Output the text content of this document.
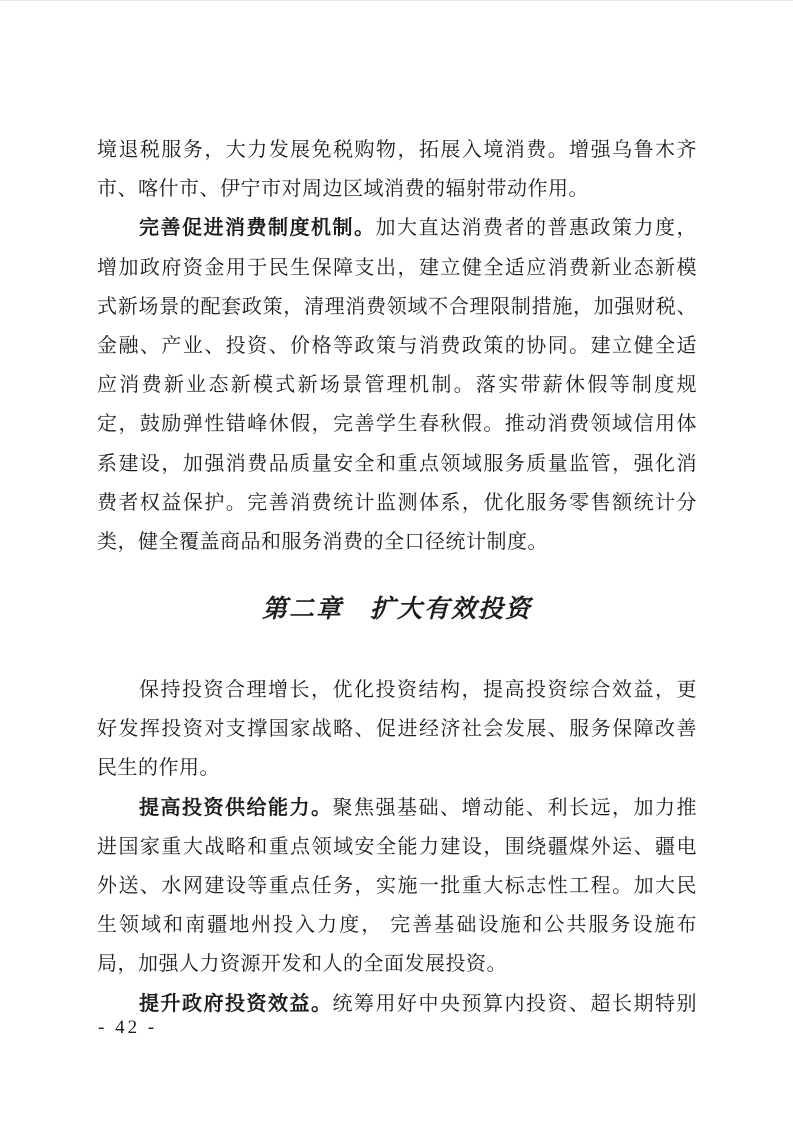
境退税服务，大力发展免税购物，拓展入境消费。增强乌鲁木齐
市、喀什市、伊宁市对周边区域消费的辐射带动作用。
完善促进消费制度机制。加大直达消费者的普惠政策力度，
增加政府资金用于民生保障支出，建立健全适应消费新业态新模
式新场景的配套政策，清理消费领域不合理限制措施，加强财税、
金融、产业、投资、价格等政策与消费政策的协同。建立健全适
应消费新业态新模式新场景管理机制。落实带薪休假等制度规
定，鼓励弹性错峰休假，完善学生春秋假。推动消费领域信用体
系建设，加强消费品质量安全和重点领域服务质量监管，强化消
费者权益保护。完善消费统计监测体系，优化服务零售额统计分
类，健全覆盖商品和服务消费的全口径统计制度。
第二章　扩大有效投资
保持投资合理增长，优化投资结构，提高投资综合效益，更
好发挥投资对支撑国家战略、促进经济社会发展、服务保障改善
民生的作用。
提高投资供给能力。聚焦强基础、增动能、利长远，加力推
进国家重大战略和重点领域安全能力建设，围绕疆煤外运、疆电
外送、水网建设等重点任务，实施一批重大标志性工程。加大民
生领域和南疆地州投入力度， 完善基础设施和公共服务设施布
局，加强人力资源开发和人的全面发展投资。
提升政府投资效益。统筹用好中央预算内投资、超长期特别
- 42 -
